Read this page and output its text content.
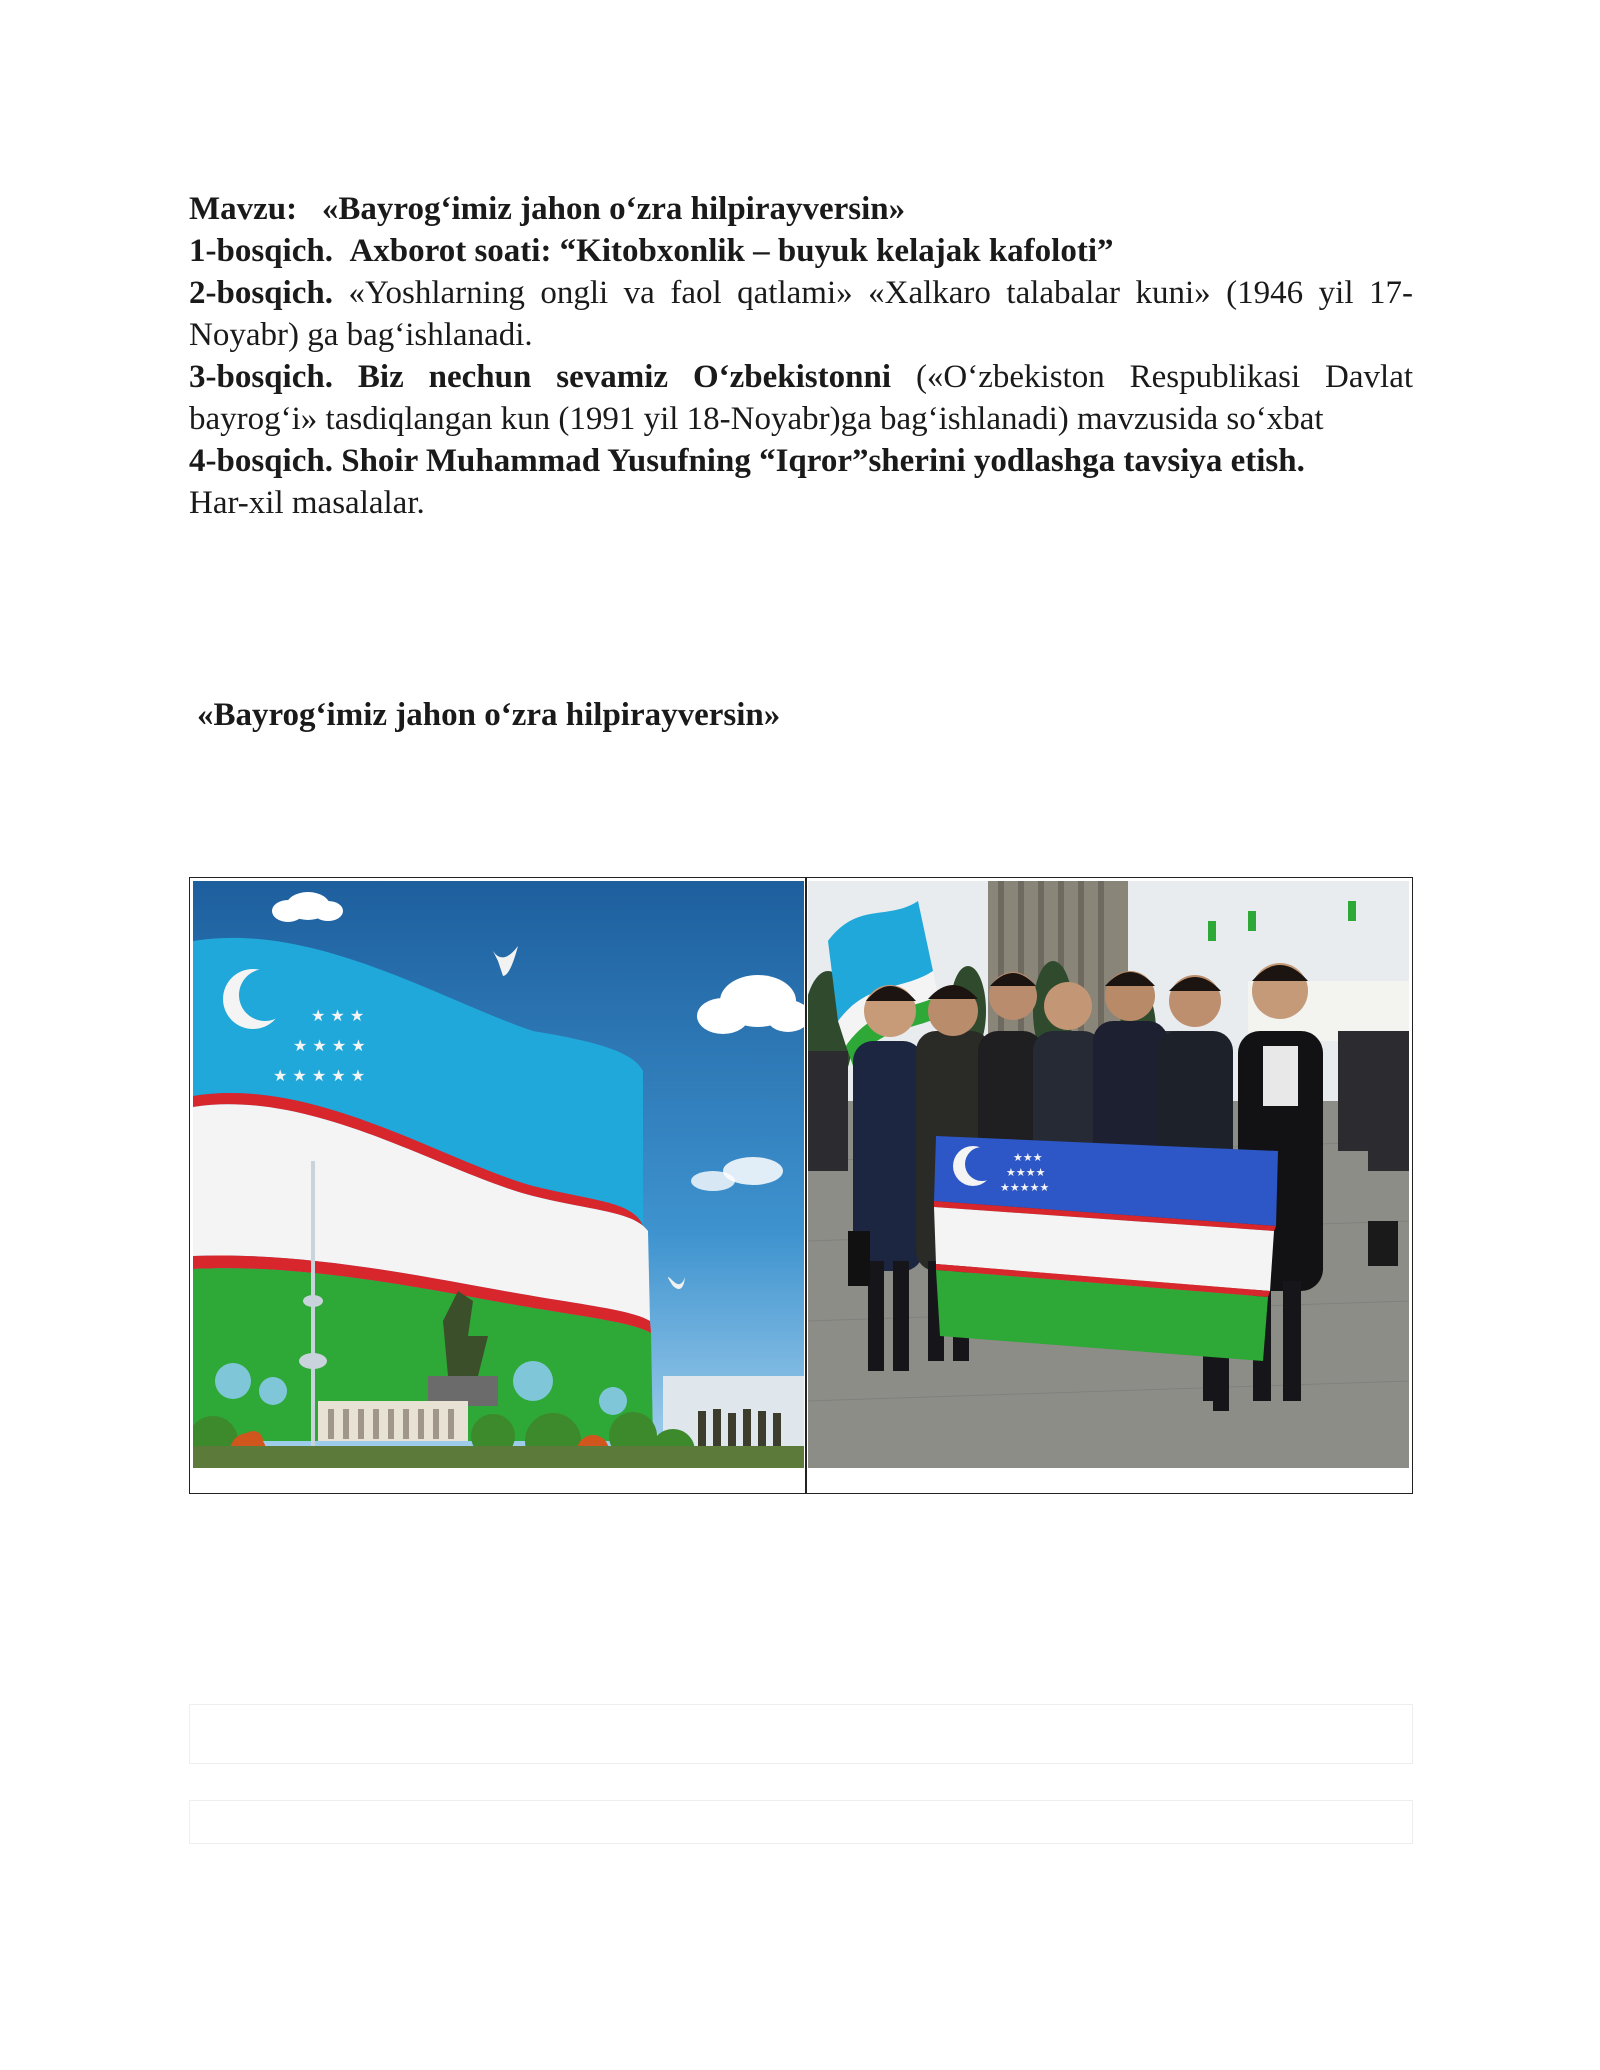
Mavzu: «Bayrog‘imiz jahon o‘zra hilpirayversin»

1-bosqich. Axborot soati: “Kitobxonlik – buyuk kelajak kafoloti”

2-bosqich. «Yoshlarning ongli va faol qatlami» «Xalkaro talabalar kuni» (1946 yil 17-Noyabr) ga bag‘ishlanadi.

3-bosqich. Biz nechun sevamiz O‘zbekistonni («O‘zbekiston Respublikasi Davlat bayrog‘i» tasdiqlangan kun (1991 yil 18-Noyabr)ga bag‘ishlanadi) mavzusida so‘xbat

4-bosqich. Shoir Muhammad Yusufning “Iqror”sherini yodlashga tavsiya etish.

Har-xil masalalar.

«Bayrog‘imiz jahon o‘zra hilpirayversin»
★ ★ ★
★ ★ ★ ★
★ ★ ★ ★ ★
★★★
★★★★
★★★★★
